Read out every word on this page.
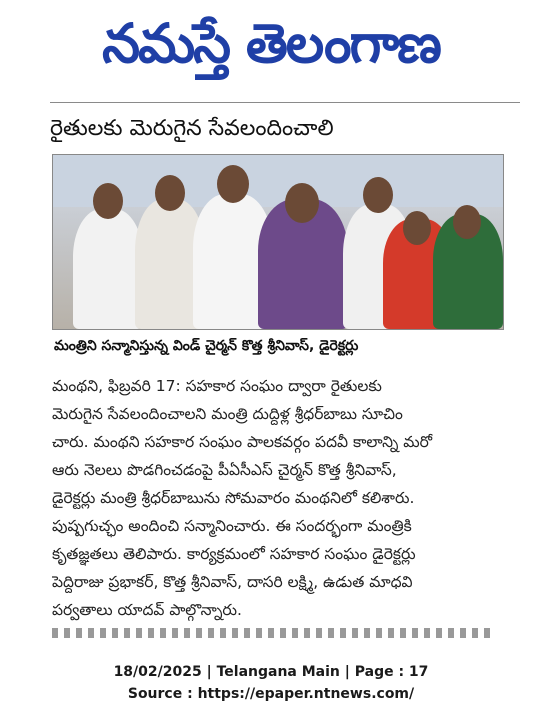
నమస్తే తెలంగాణ
రైతులకు మెరుగైన సేవలందించాలి
మంత్రిని సన్మానిస్తున్న విండ్ చైర్మన్ కొత్త శ్రీనివాస్, డైరెక్టర్లు
మంథని, ఫిబ్రవరి 17: సహకార సంఘం ద్వారా రైతులకు
మెరుగైన సేవలందించాలని మంత్రి దుద్దిళ్ల శ్రీధర్‌బాబు సూచిం
చారు. మంథని సహకార సంఘం పాలకవర్గం పదవీ కాలాన్ని మరో
ఆరు నెలలు పొడగించడంపై పీఏసీఎస్ చైర్మన్ కొత్త శ్రీనివాస్,
డైరెక్టర్లు మంత్రి శ్రీధర్‌బాబును సోమవారం మంథనిలో కలిశారు.
పుష్పగుచ్ఛం అందించి సన్మానించారు. ఈ సందర్భంగా మంత్రికి
కృతజ్ఞతలు తెలిపారు. కార్యక్రమంలో సహకార సంఘం డైరెక్టర్లు
పెద్దిరాజు ప్రభాకర్, కొత్త శ్రీనివాస్, దాసరి లక్ష్మి, ఉడుత మాధవి
పర్వతాలు యాదవ్ పాల్గొన్నారు.
18/02/2025 | Telangana Main | Page : 17
Source : https://epaper.ntnews.com/
